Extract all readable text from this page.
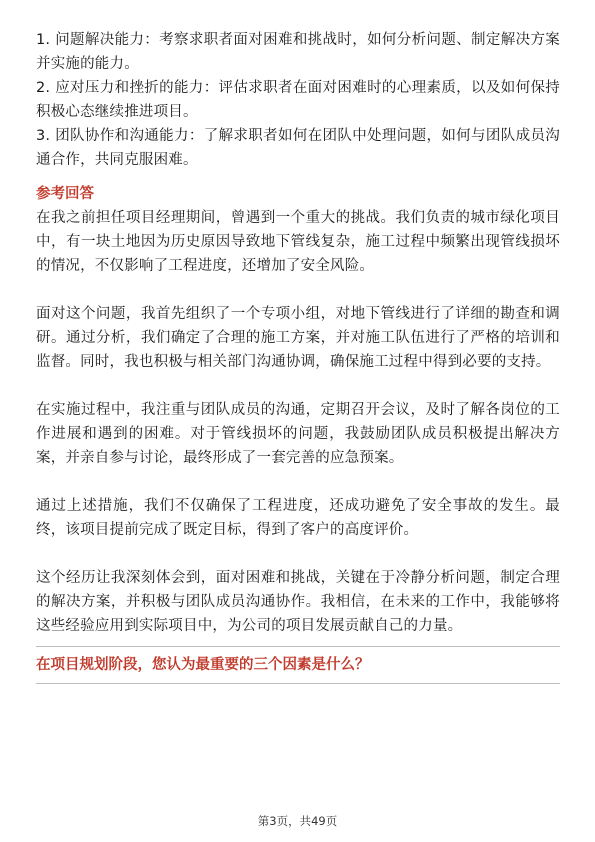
1. 问题解决能力：考察求职者面对困难和挑战时，如何分析问题、制定解决方案并实施的能力。

2. 应对压力和挫折的能力：评估求职者在面对困难时的心理素质，以及如何保持积极心态继续推进项目。

3. 团队协作和沟通能力：了解求职者如何在团队中处理问题，如何与团队成员沟通合作，共同克服困难。

参考回答

在我之前担任项目经理期间，曾遇到一个重大的挑战。我们负责的城市绿化项目中，有一块土地因为历史原因导致地下管线复杂，施工过程中频繁出现管线损坏的情况，不仅影响了工程进度，还增加了安全风险。

面对这个问题，我首先组织了一个专项小组，对地下管线进行了详细的勘查和调研。通过分析，我们确定了合理的施工方案，并对施工队伍进行了严格的培训和监督。同时，我也积极与相关部门沟通协调，确保施工过程中得到必要的支持。

在实施过程中，我注重与团队成员的沟通，定期召开会议，及时了解各岗位的工作进展和遇到的困难。对于管线损坏的问题，我鼓励团队成员积极提出解决方案，并亲自参与讨论，最终形成了一套完善的应急预案。

通过上述措施，我们不仅确保了工程进度，还成功避免了安全事故的发生。最终，该项目提前完成了既定目标，得到了客户的高度评价。

这个经历让我深刻体会到，面对困难和挑战，关键在于冷静分析问题，制定合理的解决方案，并积极与团队成员沟通协作。我相信，在未来的工作中，我能够将这些经验应用到实际项目中，为公司的项目发展贡献自己的力量。

在项目规划阶段，您认为最重要的三个因素是什么？

第3页，共49页
